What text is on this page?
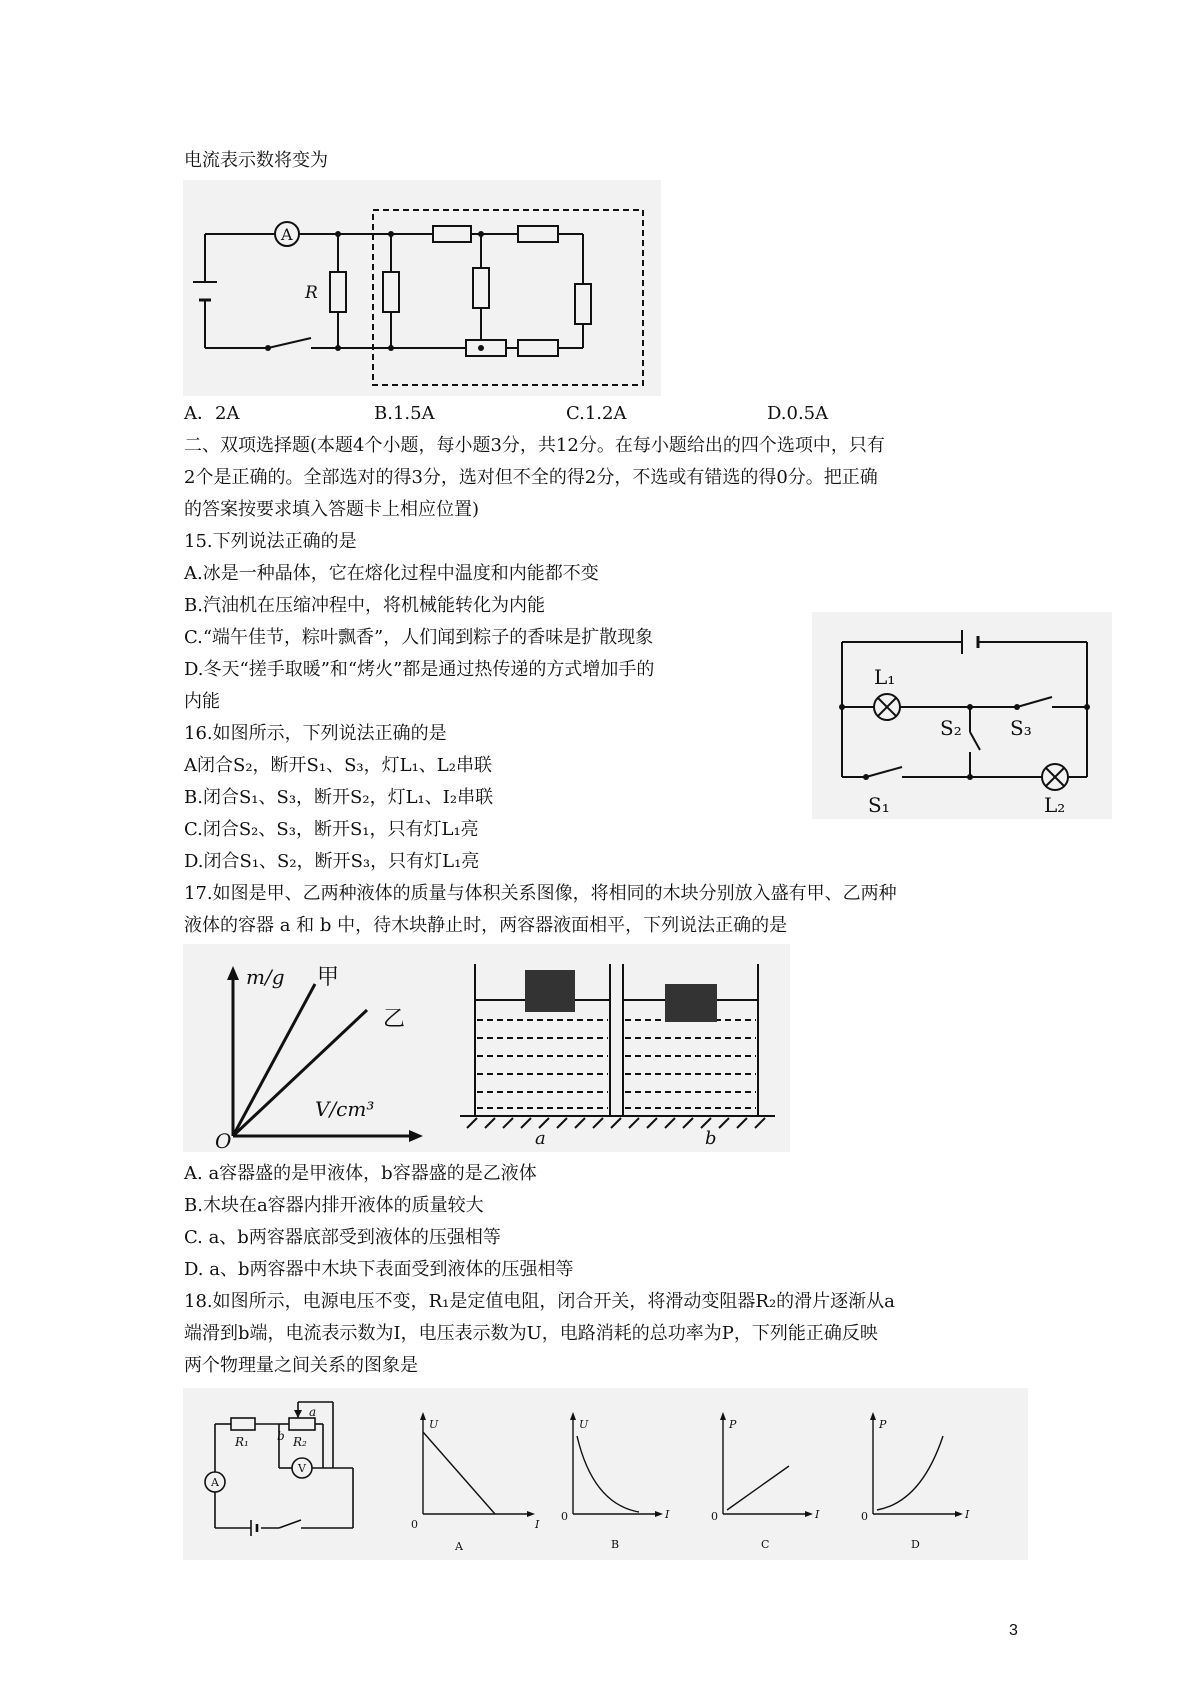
电流表示数将变为
A
R
A．2A	B.1.5A	C.1.2A	D.0.5A
二、双项选择题(本题4个小题，每小题3分，共12分。在每小题给出的四个选项中，只有
2个是正确的。全部选对的得3分，选对但不全的得2分，不选或有错选的得0分。把正确
的答案按要求填入答题卡上相应位置)
15.下列说法正确的是
A.冰是一种晶体，它在熔化过程中温度和内能都不变
B.汽油机在压缩冲程中，将机械能转化为内能
C.“端午佳节，粽叶飘香”，人们闻到粽子的香味是扩散现象
D.冬天“搓手取暖”和“烤火”都是通过热传递的方式增加手的
内能
L₁
L₂
S₁
S₂ S₃
16.如图所示，下列说法正确的是
A闭合S₂，断开S₁、S₃，灯L₁、L₂串联
B.闭合S₁、S₃，断开S₂，灯L₁、I₂串联
C.闭合S₂、S₃，断开S₁，只有灯L₁亮
D.闭合S₁、S₂，断开S₃，只有灯L₁亮
17.如图是甲、乙两种液体的质量与体积关系图像，将相同的木块分别放入盛有甲、乙两种
液体的容器 a 和 b 中，待木块静止时，两容器液面相平，下列说法正确的是
m/g
V/cm³
O
甲
乙
a	b
A. a容器盛的是甲液体，b容器盛的是乙液体
B.木块在a容器内排开液体的质量较大
C. a、b两容器底部受到液体的压强相等
D. a、b两容器中木块下表面受到液体的压强相等
18.如图所示，电源电压不变，R₁是定值电阻，闭合开关，将滑动变阻器R₂的滑片逐渐从a
端滑到b端，电流表示数为I，电压表示数为U，电路消耗的总功率为P，下列能正确反映
两个物理量之间关系的图象是
A
V
R₁	R₂
a
b
U
I
0
A
U
I
0
B
P
I
0
C
P
I
0
D
3
